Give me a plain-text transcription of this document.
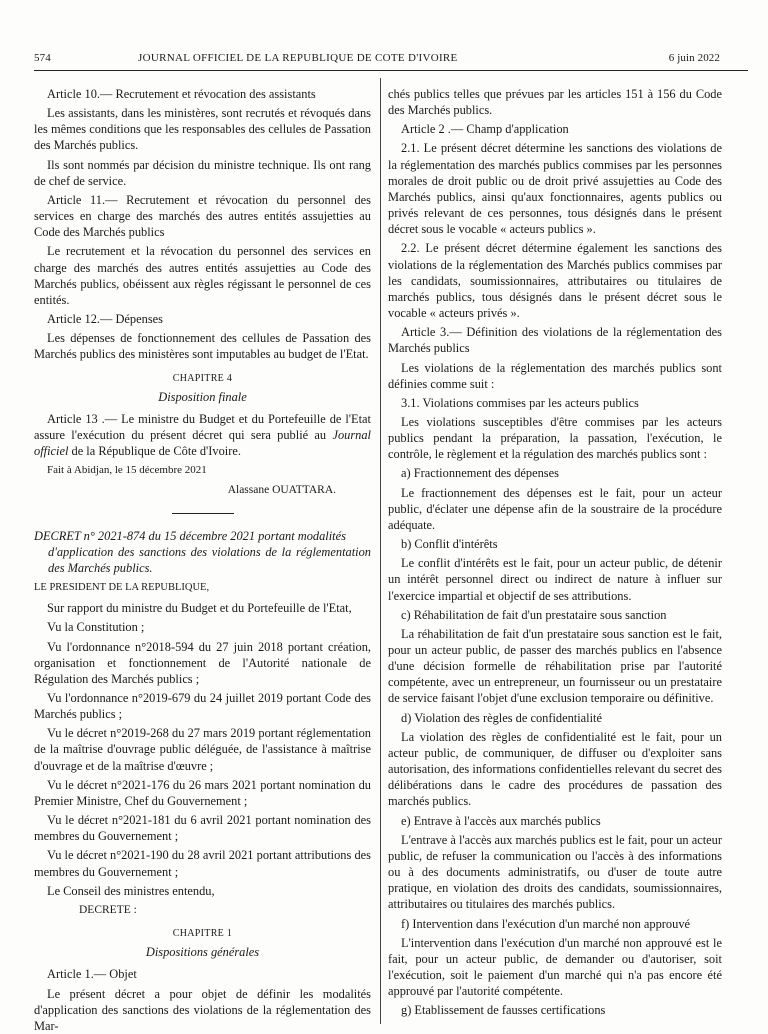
574	JOURNAL OFFICIEL DE LA REPUBLIQUE DE COTE D'IVOIRE	6 juin 2022

Article 10.— Recrutement et révocation des assistants

Les assistants, dans les ministères, sont recrutés et révoqués dans les mêmes conditions que les responsables des cellules de Passation des Marchés publics.

Ils sont nommés par décision du ministre technique. Ils ont rang de chef de service.

Article 11.— Recrutement et révocation du personnel des services en charge des marchés des autres entités assujetties au Code des Marchés publics

Le recrutement et la révocation du personnel des services en charge des marchés des autres entités assujetties au Code des Marchés publics, obéissent aux règles régissant le personnel de ces entités.

Article 12.— Dépenses

Les dépenses de fonctionnement des cellules de Passation des Marchés publics des ministères sont imputables au budget de l'Etat.

CHAPITRE 4

Disposition finale

Article 13 .— Le ministre du Budget et du Portefeuille de l'Etat assure l'exécution du présent décret qui sera publié au Journal officiel de la République de Côte d'Ivoire.

Fait à Abidjan, le 15 décembre 2021

Alassane OUATTARA.

DECRET n° 2021-874 du 15 décembre 2021 portant modalités
d'application des sanctions des violations de la réglementation des Marchés publics.

LE PRESIDENT DE LA REPUBLIQUE,

Sur rapport du ministre du Budget et du Portefeuille de l'Etat,

Vu la Constitution ;

Vu l'ordonnance n°2018-594 du 27 juin 2018 portant création, organisation et fonctionnement de l'Autorité nationale de Régulation des Marchés publics ;

Vu l'ordonnance n°2019-679 du 24 juillet 2019 portant Code des Marchés publics ;

Vu le décret n°2019-268 du 27 mars 2019 portant réglementation de la maîtrise d'ouvrage public déléguée, de l'assistance à maîtrise d'ouvrage et de la maîtrise d'œuvre ;

Vu le décret n°2021-176 du 26 mars 2021 portant nomination du Premier Ministre, Chef du Gouvernement ;

Vu le décret n°2021-181 du 6 avril 2021 portant nomination des membres du Gouvernement ;

Vu le décret n°2021-190 du 28 avril 2021 portant attributions des membres du Gouvernement ;

Le Conseil des ministres entendu,

DECRETE :

CHAPITRE 1

Dispositions générales

Article 1.— Objet

Le présent décret a pour objet de définir les modalités d'application des sanctions des violations de la réglementation des Mar-

chés publics telles que prévues par les articles 151 à 156 du Code des Marchés publics.

Article 2 .— Champ d'application

2.1. Le présent décret détermine les sanctions des violations de la réglementation des marchés publics commises par les personnes morales de droit public ou de droit privé assujetties au Code des Marchés publics, ainsi qu'aux fonctionnaires, agents publics ou privés relevant de ces personnes, tous désignés dans le présent décret sous le vocable « acteurs publics ».

2.2. Le présent décret détermine également les sanctions des violations de la réglementation des Marchés publics commises par les candidats, soumissionnaires, attributaires ou titulaires de marchés publics, tous désignés dans le présent décret sous le vocable « acteurs privés ».

Article 3.— Définition des violations de la réglementation des Marchés publics

Les violations de la réglementation des marchés publics sont définies comme suit :

3.1. Violations commises par les acteurs publics

Les violations susceptibles d'être commises par les acteurs publics pendant la préparation, la passation, l'exécution, le contrôle, le règlement et la régulation des marchés publics sont :

a) Fractionnement des dépenses

Le fractionnement des dépenses est le fait, pour un acteur public, d'éclater une dépense afin de la soustraire de la procédure adéquate.

b) Conflit d'intérêts

Le conflit d'intérêts est le fait, pour un acteur public, de détenir un intérêt personnel direct ou indirect de nature à influer sur l'exercice impartial et objectif de ses attributions.

c) Réhabilitation de fait d'un prestataire sous sanction

La réhabilitation de fait d'un prestataire sous sanction est le fait, pour un acteur public, de passer des marchés publics en l'absence d'une décision formelle de réhabilitation prise par l'autorité compétente, avec un entrepreneur, un fournisseur ou un prestataire de service faisant l'objet d'une exclusion temporaire ou définitive.

d) Violation des règles de confidentialité

La violation des règles de confidentialité est le fait, pour un acteur public, de communiquer, de diffuser ou d'exploiter sans autorisation, des informations confidentielles relevant du secret des délibérations dans le cadre des procédures de passation des marchés publics.

e) Entrave à l'accès aux marchés publics

L'entrave à l'accès aux marchés publics est le fait, pour un acteur public, de refuser la communication ou l'accès à des informations ou à des documents administratifs, ou d'user de toute autre pratique, en violation des droits des candidats, soumissionnaires, attributaires ou titulaires des marchés publics.

f) Intervention dans l'exécution d'un marché non approuvé

L'intervention dans l'exécution d'un marché non approuvé est le fait, pour un acteur public, de demander ou d'autoriser, soit l'exécution, soit le paiement d'un marché qui n'a pas encore été approuvé par l'autorité compétente.

g) Etablissement de fausses certifications
